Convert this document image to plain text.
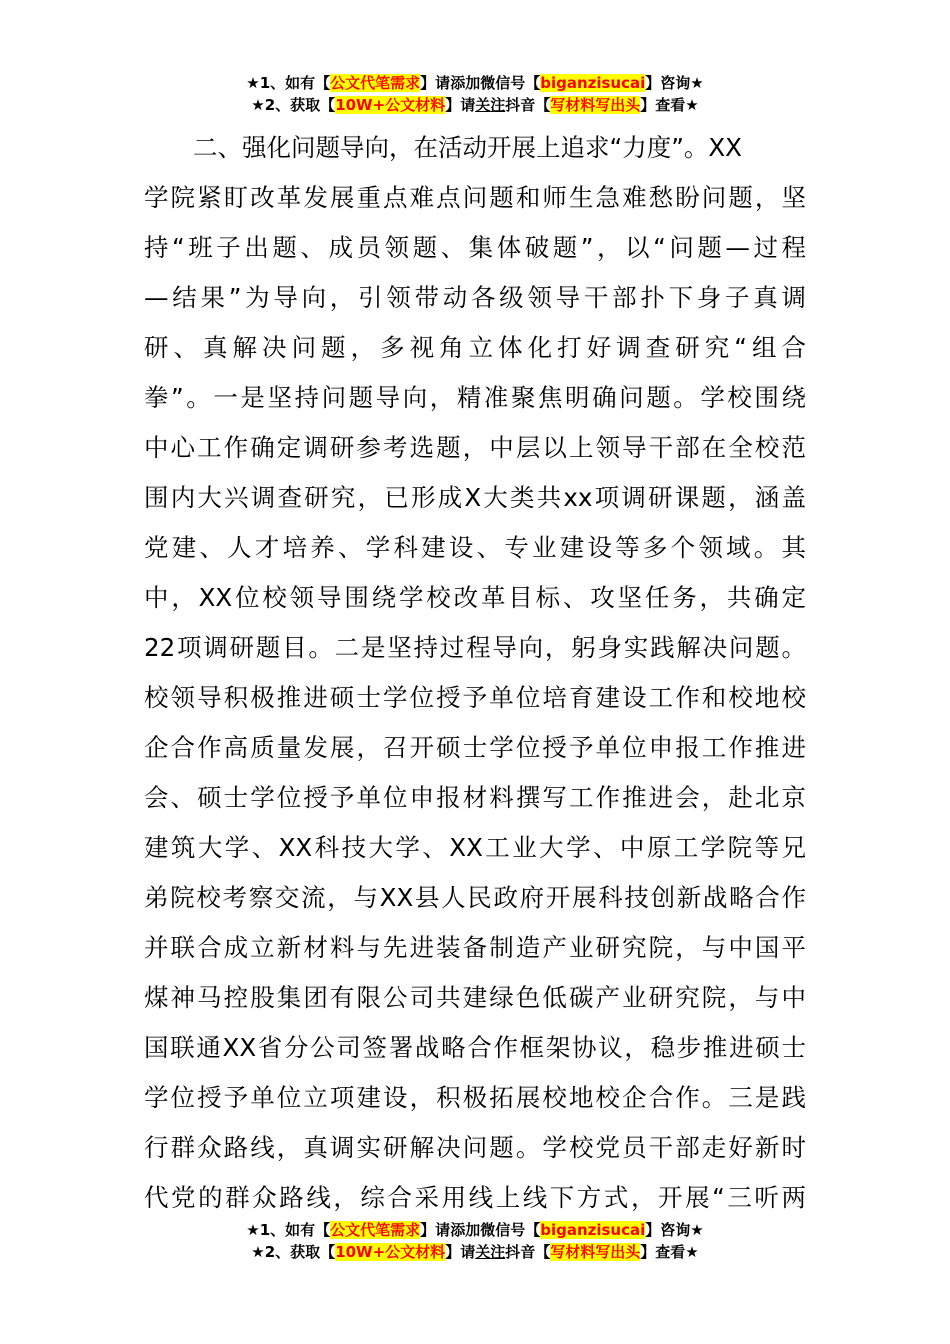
★1、如有【公文代笔需求】请添加微信号【biganzisucai】咨询★
★2、获取【10W+公文材料】请关注抖音【写材料写出头】查看★
　　二、强化问题导向，在活动开展上追求“力度”。XX
学院紧盯改革发展重点难点问题和师生急难愁盼问题，坚
持“班子出题、成员领题、集体破题”，以“问题—过程
—结果”为导向，引领带动各级领导干部扑下身子真调
研、真解决问题，多视角立体化打好调查研究“组合
拳”。一是坚持问题导向，精准聚焦明确问题。学校围绕
中心工作确定调研参考选题，中层以上领导干部在全校范
围内大兴调查研究，已形成X大类共xx项调研课题，涵盖
党建、人才培养、学科建设、专业建设等多个领域。其
中，XX位校领导围绕学校改革目标、攻坚任务，共确定
22项调研题目。二是坚持过程导向，躬身实践解决问题。
校领导积极推进硕士学位授予单位培育建设工作和校地校
企合作高质量发展，召开硕士学位授予单位申报工作推进
会、硕士学位授予单位申报材料撰写工作推进会，赴北京
建筑大学、XX科技大学、XX工业大学、中原工学院等兄
弟院校考察交流，与XX县人民政府开展科技创新战略合作
并联合成立新材料与先进装备制造产业研究院，与中国平
煤神马控股集团有限公司共建绿色低碳产业研究院，与中
国联通XX省分公司签署战略合作框架协议，稳步推进硕士
学位授予单位立项建设，积极拓展校地校企合作。三是践
行群众路线，真调实研解决问题。学校党员干部走好新时
代党的群众路线，综合采用线上线下方式，开展“三听两
★1、如有【公文代笔需求】请添加微信号【biganzisucai】咨询★
★2、获取【10W+公文材料】请关注抖音【写材料写出头】查看★
